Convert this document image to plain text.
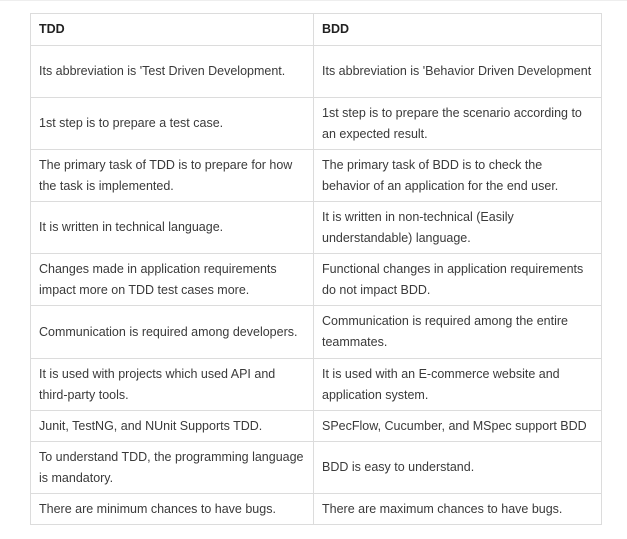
TDD	BDD
Its abbreviation is 'Test Driven Development.	Its abbreviation is 'Behavior Driven Development
1st step is to prepare a test case.	1st step is to prepare the scenario according to an expected result.
The primary task of TDD is to prepare for how the task is implemented.	The primary task of BDD is to check the behavior of an application for the end user.
It is written in technical language.	It is written in non-technical (Easily understandable) language.
Changes made in application requirements impact more on TDD test cases more.	Functional changes in application requirements do not impact BDD.
Communication is required among developers.	Communication is required among the entire teammates.
It is used with projects which used API and third-party tools.	It is used with an E-commerce website and application system.
Junit, TestNG, and NUnit Supports TDD.	SPecFlow, Cucumber, and MSpec support BDD
To understand TDD, the programming language is mandatory.	BDD is easy to understand.
There are minimum chances to have bugs.	There are maximum chances to have bugs.
